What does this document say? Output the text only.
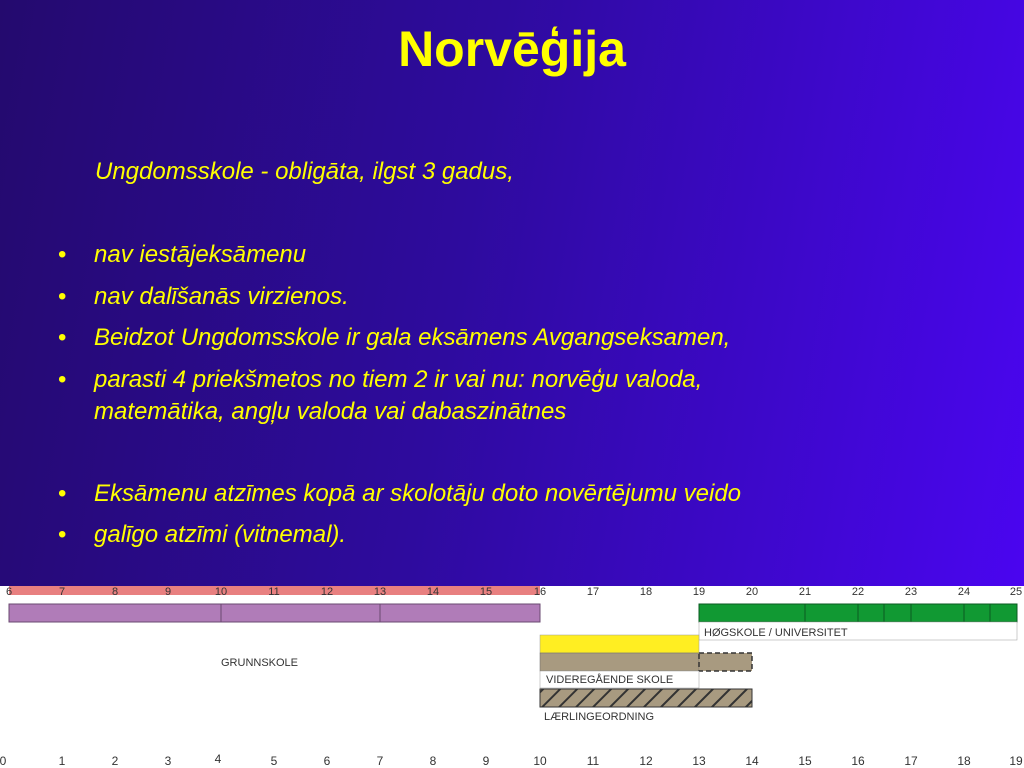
Norvēģija
Ungdomsskole - obligāta, ilgst 3 gadus,
• nav iestājeksāmenu
• nav dalīšanās virzienos.
• Beidzot Ungdomsskole ir gala eksāmens Avgangseksamen,
• parasti 4 priekšmetos no tiem 2 ir vai nu: norvēģu valoda,
matemātika, angļu valoda vai dabaszinātnes
• Eksāmenu atzīmes kopā ar skolotāju doto novērtējumu veido
• galīgo atzīmi (vitnemal).
6	7	8	9	10	11	12	13	14	15	16	17	18	19	20	21	22	23	24	25
GRUNNSKOLE
HØGSKOLE / UNIVERSITET
VIDEREGÅENDE SKOLE
LÆRLINGEORDNING
0	1	2	3	4	5	6	7	8	9	10	11	12	13	14	15	16	17	18	19
